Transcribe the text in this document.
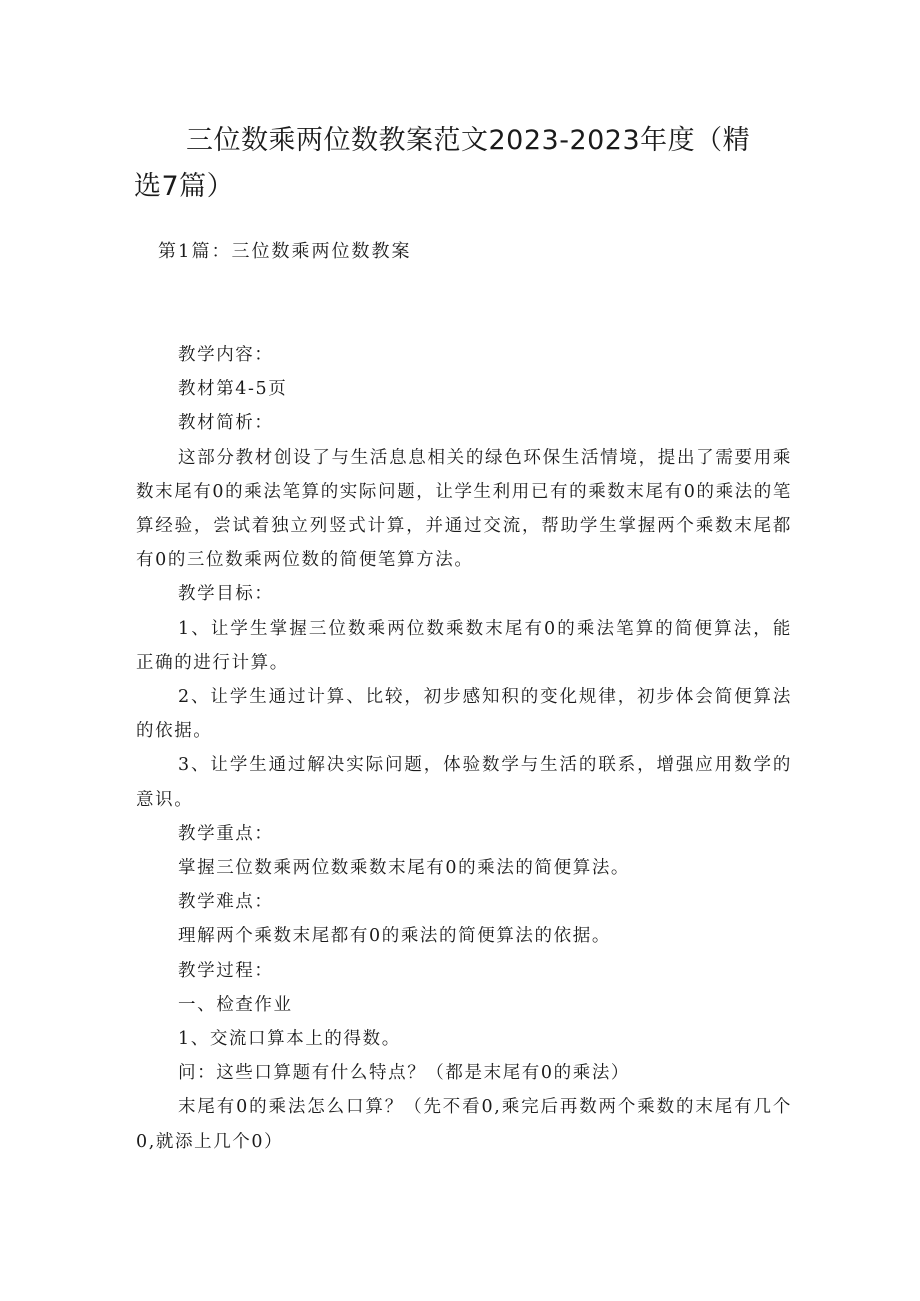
三位数乘两位数教案范文2023-2023年度（精选7篇）
第1篇：三位数乘两位数教案

教学内容：

教材第4-5页

教材简析：

这部分教材创设了与生活息息相关的绿色环保生活情境，提出了需要用乘数末尾有0的乘法笔算的实际问题，让学生利用已有的乘数末尾有0的乘法的笔算经验，尝试着独立列竖式计算，并通过交流，帮助学生掌握两个乘数末尾都有0的三位数乘两位数的简便笔算方法。

教学目标：

1、让学生掌握三位数乘两位数乘数末尾有0的乘法笔算的简便算法，能正确的进行计算。

2、让学生通过计算、比较，初步感知积的变化规律，初步体会简便算法的依据。

3、让学生通过解决实际问题，体验数学与生活的联系，增强应用数学的意识。

教学重点：

掌握三位数乘两位数乘数末尾有0的乘法的简便算法。

教学难点：

理解两个乘数末尾都有0的乘法的简便算法的依据。

教学过程：

一、检查作业

1、交流口算本上的得数。

问：这些口算题有什么特点？（都是末尾有0的乘法）

末尾有0的乘法怎么口算？（先不看0,乘完后再数两个乘数的末尾有几个0,就添上几个0）
